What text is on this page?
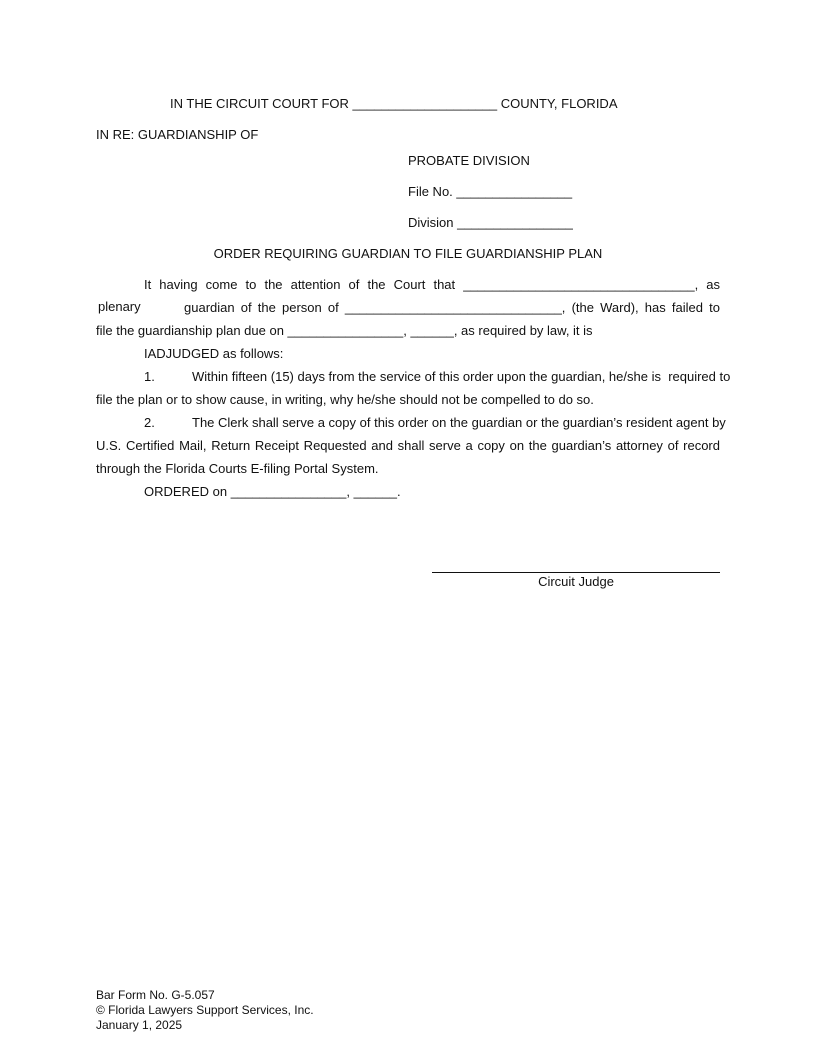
IN THE CIRCUIT COURT FOR ____________________ COUNTY, FLORIDA
IN RE: GUARDIANSHIP OF
PROBATE DIVISION
File No. ________________
Division ________________
ORDER REQUIRING GUARDIAN TO FILE GUARDIANSHIP PLAN
It having come to the attention of the Court that ________________________________, as
plenary	guardian of the person of ______________________________, (the Ward), has failed to
file the guardianship plan due on ________________, ______, as required by law, it is
IADJUDGED as follows:
1.	Within fifteen (15) days from the service of this order upon the guardian, he/she is  required to
file the plan or to show cause, in writing, why he/she should not be compelled to do so.
2.	The Clerk shall serve a copy of this order on the guardian or the guardian’s resident agent by
U.S. Certified Mail, Return Receipt Requested and shall serve a copy on the guardian’s attorney of record
through the Florida Courts E-filing Portal System.
ORDERED on ________________, ______.
Circuit Judge
Bar Form No. G-5.057
© Florida Lawyers Support Services, Inc.
January 1, 2025
